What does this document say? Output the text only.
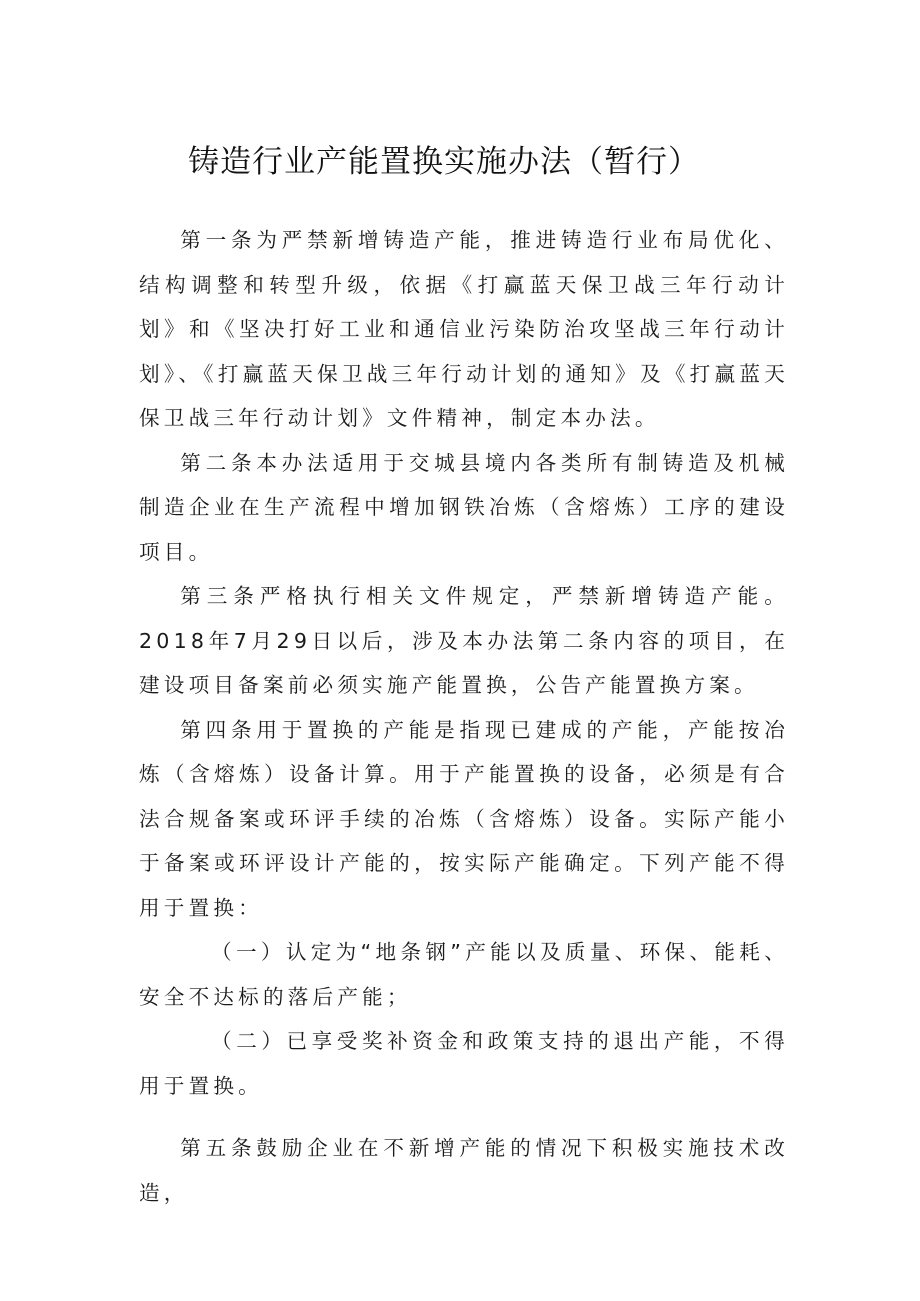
铸造行业产能置换实施办法（暂行）

第一条为严禁新增铸造产能，推进铸造行业布局优化、结构调整和转型升级，依据《打赢蓝天保卫战三年行动计划》和《坚决打好工业和通信业污染防治攻坚战三年行动计划》、《打赢蓝天保卫战三年行动计划的通知》及《打赢蓝天保卫战三年行动计划》文件精神，制定本办法。

第二条本办法适用于交城县境内各类所有制铸造及机械制造企业在生产流程中增加钢铁冶炼（含熔炼）工序的建设项目。

第三条严格执行相关文件规定，严禁新增铸造产能。2018年7月29日以后，涉及本办法第二条内容的项目，在建设项目备案前必须实施产能置换，公告产能置换方案。

第四条用于置换的产能是指现已建成的产能，产能按冶炼（含熔炼）设备计算。用于产能置换的设备，必须是有合法合规备案或环评手续的冶炼（含熔炼）设备。实际产能小于备案或环评设计产能的，按实际产能确定。下列产能不得用于置换：

（一）认定为“地条钢”产能以及质量、环保、能耗、安全不达标的落后产能；

（二）已享受奖补资金和政策支持的退出产能，不得用于置换。

第五条鼓励企业在不新增产能的情况下积极实施技术改造，
